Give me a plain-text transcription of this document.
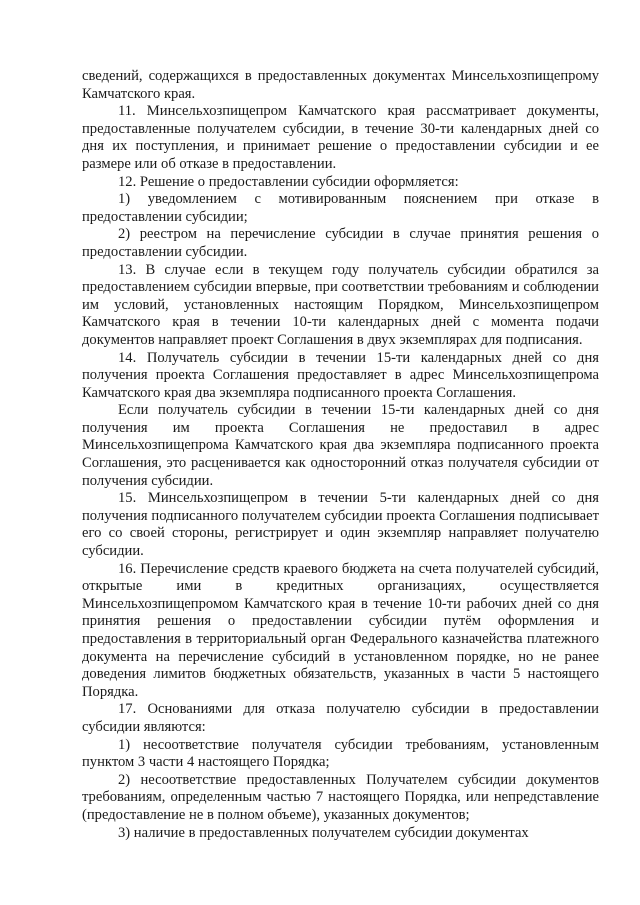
сведений, содержащихся в предоставленных документах Минсельхозпищепрому Камчатского края.

11. Минсельхозпищепром Камчатского края рассматривает документы, предоставленные получателем субсидии, в течение 30-ти календарных дней со дня их поступления, и принимает решение о предоставлении субсидии и ее размере или об отказе в предоставлении.

12. Решение о предоставлении субсидии оформляется:

1) уведомлением с мотивированным пояснением при отказе в предоставлении субсидии;

2) реестром на перечисление субсидии в случае принятия решения о предоставлении субсидии.

13. В случае если в текущем году получатель субсидии обратился за предоставлением субсидии впервые, при соответствии требованиям и соблюдении им условий, установленных настоящим Порядком, Минсельхозпищепром Камчатского края в течении 10-ти календарных дней с момента подачи документов направляет проект Соглашения в двух экземплярах для подписания.

14. Получатель субсидии в течении 15-ти календарных дней со дня получения проекта Соглашения предоставляет в адрес Минсельхозпищепрома Камчатского края два экземпляра подписанного проекта Соглашения.

Если получатель субсидии в течении 15-ти календарных дней со дня получения им проекта Соглашения не предоставил в адрес Минсельхозпищепрома Камчатского края два экземпляра подписанного проекта Соглашения, это расценивается как односторонний отказ получателя субсидии от получения субсидии.

15. Минсельхозпищепром в течении 5-ти календарных дней со дня получения подписанного получателем субсидии проекта Соглашения подписывает его со своей стороны, регистрирует и один экземпляр направляет получателю субсидии.

16. Перечисление средств краевого бюджета на счета получателей субсидий, открытые ими в кредитных организациях, осуществляется Минсельхозпищепромом Камчатского края в течение 10-ти рабочих дней со дня принятия решения о предоставлении субсидии путём оформления и предоставления в территориальный орган Федерального казначейства платежного документа на перечисление субсидий в установленном порядке, но не ранее доведения лимитов бюджетных обязательств, указанных в части 5 настоящего Порядка.

17. Основаниями для отказа получателю субсидии в предоставлении субсидии являются:

1) несоответствие получателя субсидии требованиям, установленным пунктом 3 части 4 настоящего Порядка;

2) несоответствие предоставленных Получателем субсидии документов требованиям, определенным частью 7 настоящего Порядка, или непредставление (предоставление не в полном объеме), указанных документов;

3) наличие в предоставленных получателем субсидии документах
